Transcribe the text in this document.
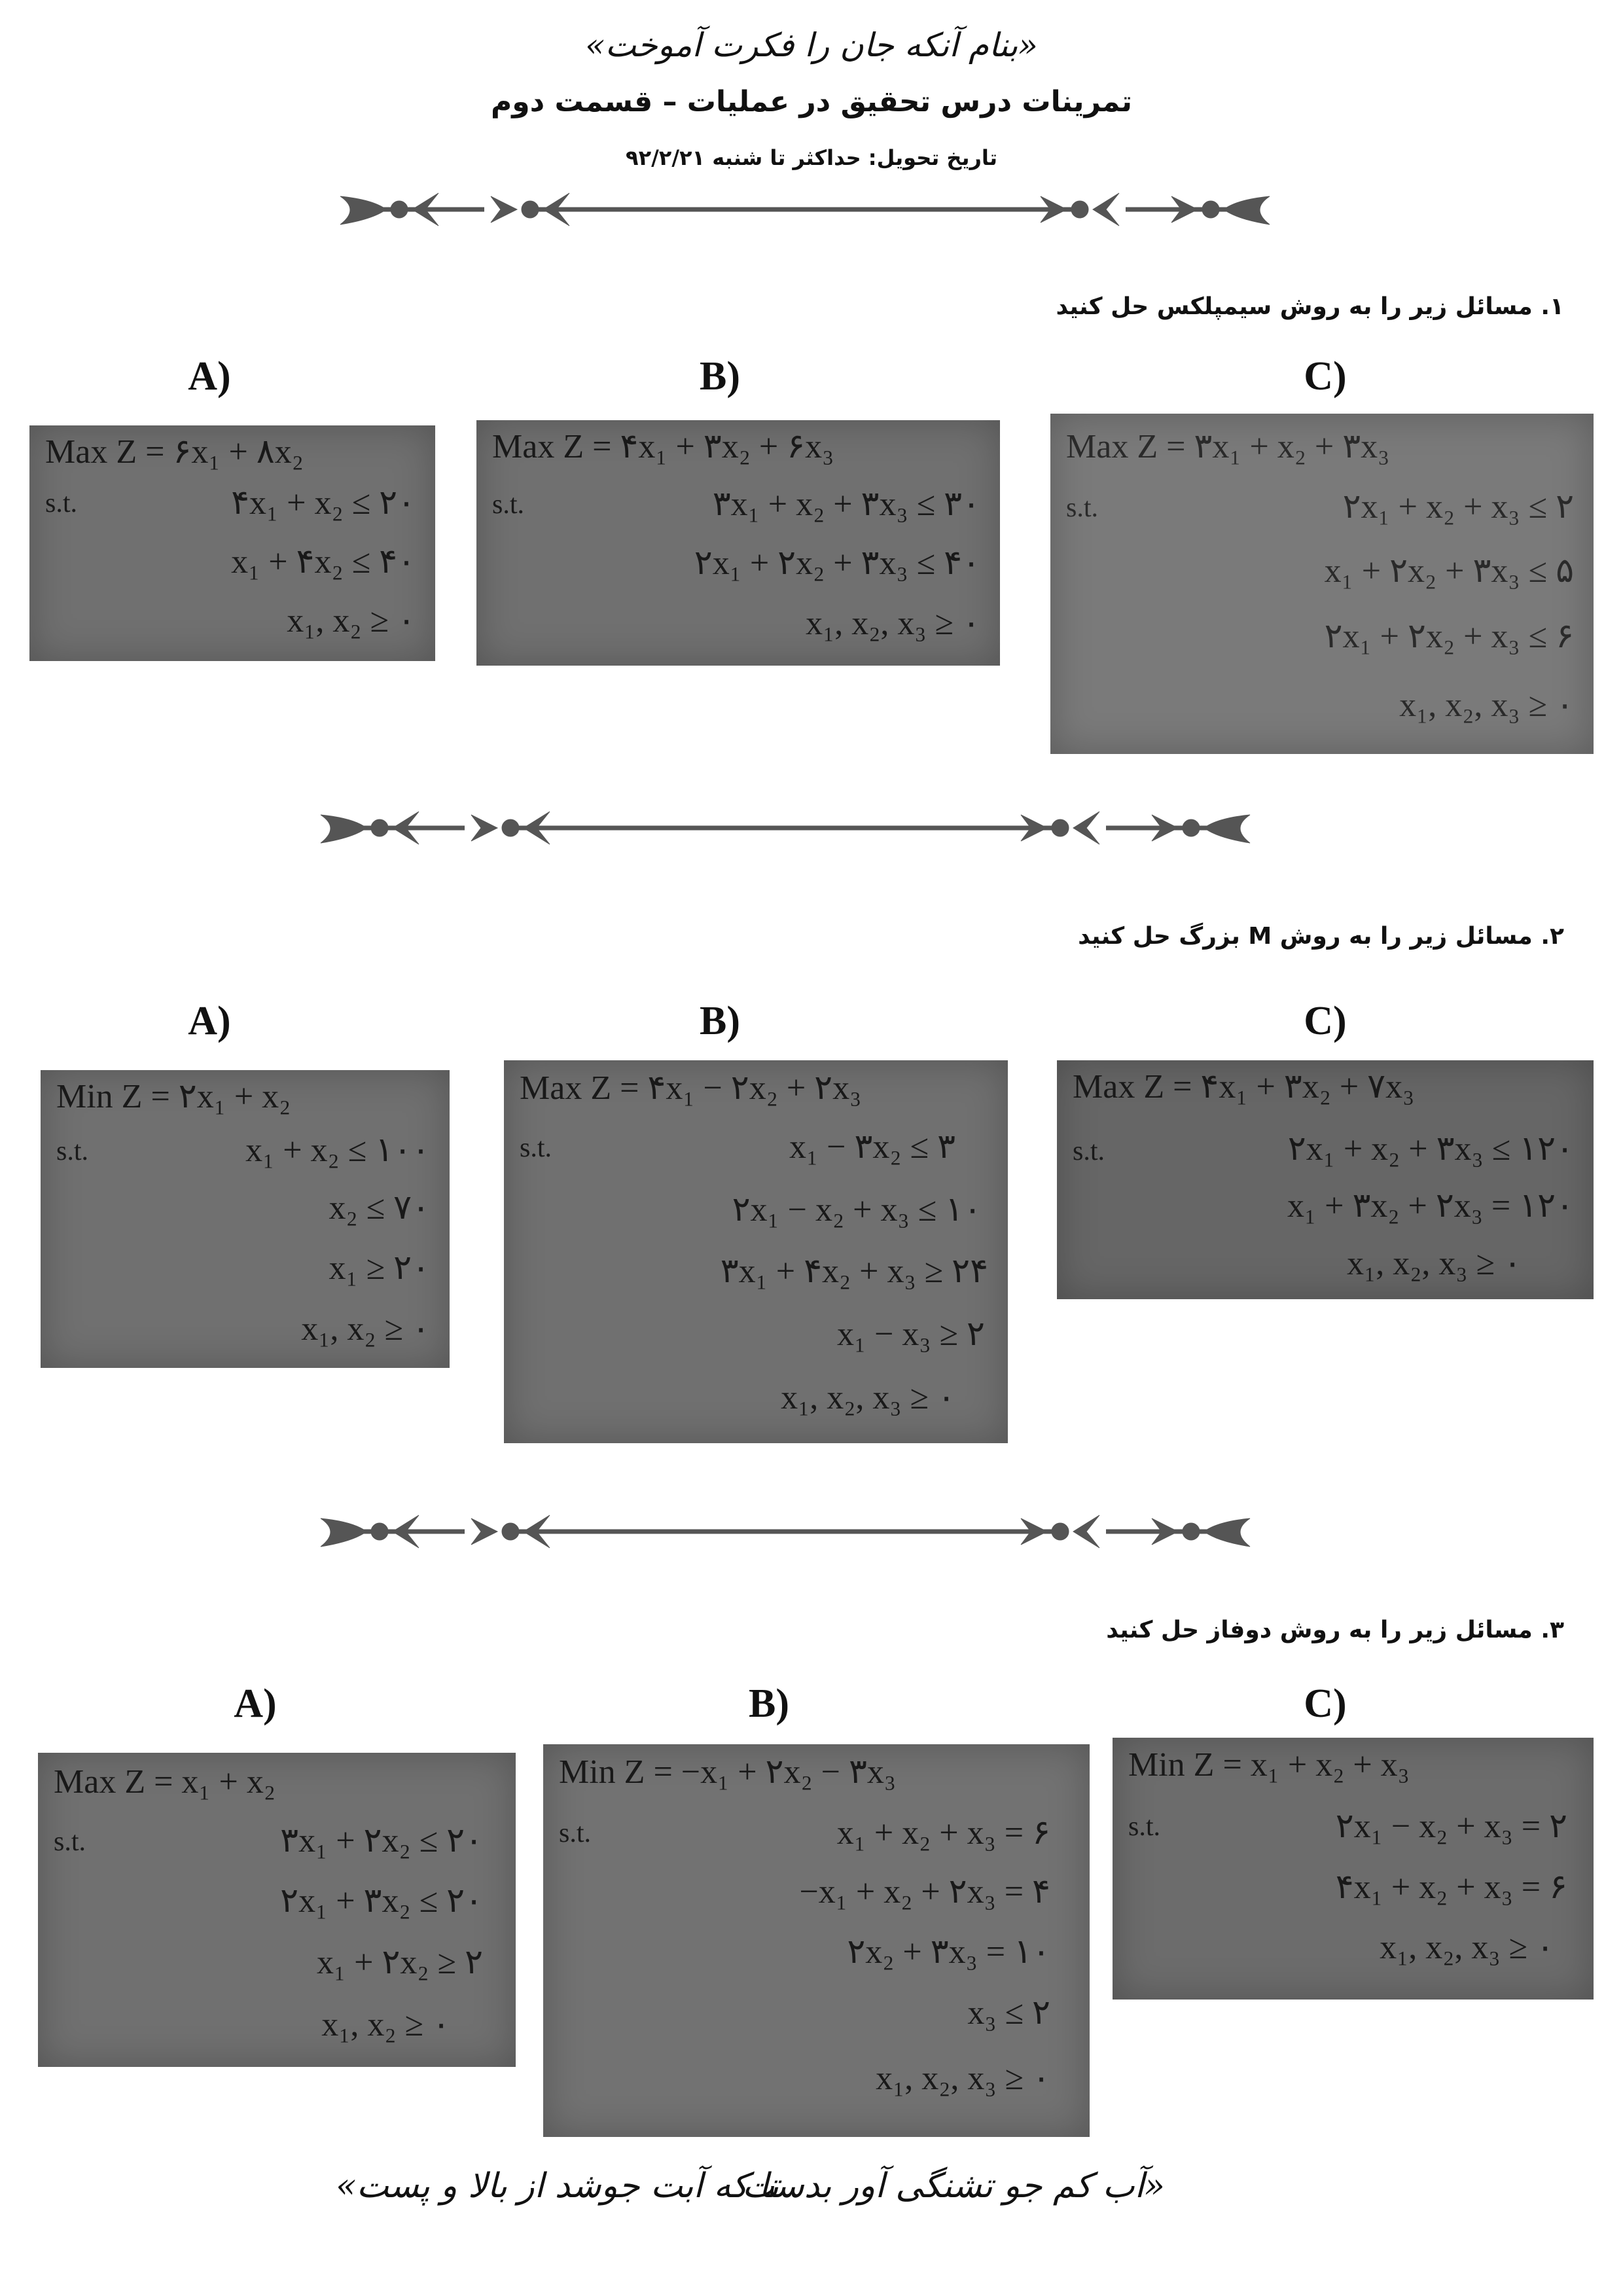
«بنام آنکه جان را فکرت آموخت»
تمرینات درس تحقیق در عملیات – قسمت دوم
تاریخ تحویل: حداکثر تا شنبه ۹۲/۲/۲۱
۱. مسائل زیر را به روش سیمپلکس حل کنید
A)	B)	C)
Max Z = ۶x₁ + ۸x₂
s.t.	۴x₁ + x₂ ≤ ۲۰
x₁ + ۴x₂ ≤ ۴۰
x₁, x₂ ≥ ۰
Max Z = ۴x₁ + ۳x₂ + ۶x₃
s.t.	۳x₁ + x₂ + ۳x₃ ≤ ۳۰
۲x₁ + ۲x₂ + ۳x₃ ≤ ۴۰
x₁, x₂, x₃ ≥ ۰
Max Z = ۳x₁ + x₂ + ۳x₃
s.t.	۲x₁ + x₂ + x₃ ≤ ۲
x₁ + ۲x₂ + ۳x₃ ≤ ۵
۲x₁ + ۲x₂ + x₃ ≤ ۶
x₁, x₂, x₃ ≥ ۰
۲. مسائل زیر را به روش M بزرگ حل کنید
A)	B)	C)
Min Z = ۲x₁ + x₂
s.t.	x₁ + x₂ ≤ ۱۰۰
x₂ ≤ ۷۰
x₁ ≥ ۲۰
x₁, x₂ ≥ ۰
Max Z = ۴x₁ − ۲x₂ + ۲x₃
s.t.	x₁ − ۳x₂ ≤ ۳
۲x₁ − x₂ + x₃ ≤ ۱۰
۳x₁ + ۴x₂ + x₃ ≥ ۲۴
x₁ − x₃ ≥ ۲
x₁, x₂, x₃ ≥ ۰
Max Z = ۴x₁ + ۳x₂ + ۷x₃
s.t.	۲x₁ + x₂ + ۳x₃ ≤ ۱۲۰
x₁ + ۳x₂ + ۲x₃ = ۱۲۰
x₁, x₂, x₃ ≥ ۰
۳. مسائل زیر را به روش دوفاز حل کنید
A)	B)	C)
Max Z = x₁ + x₂
s.t.	۳x₁ + ۲x₂ ≤ ۲۰
۲x₁ + ۳x₂ ≤ ۲۰
x₁ + ۲x₂ ≥ ۲
x₁, x₂ ≥ ۰
Min Z = −x₁ + ۲x₂ − ۳x₃
s.t.	x₁ + x₂ + x₃ = ۶
−x₁ + x₂ + ۲x₃ = ۴
۲x₂ + ۳x₃ = ۱۰
x₃ ≤ ۲
x₁, x₂, x₃ ≥ ۰
Min Z = x₁ + x₂ + x₃
s.t.	۲x₁ − x₂ + x₃ = ۲
۴x₁ + x₂ + x₃ = ۶
x₁, x₂, x₃ ≥ ۰
«آب کم جو تشنگی آور بدست
تا که آبت جوشد از بالا و پست»
